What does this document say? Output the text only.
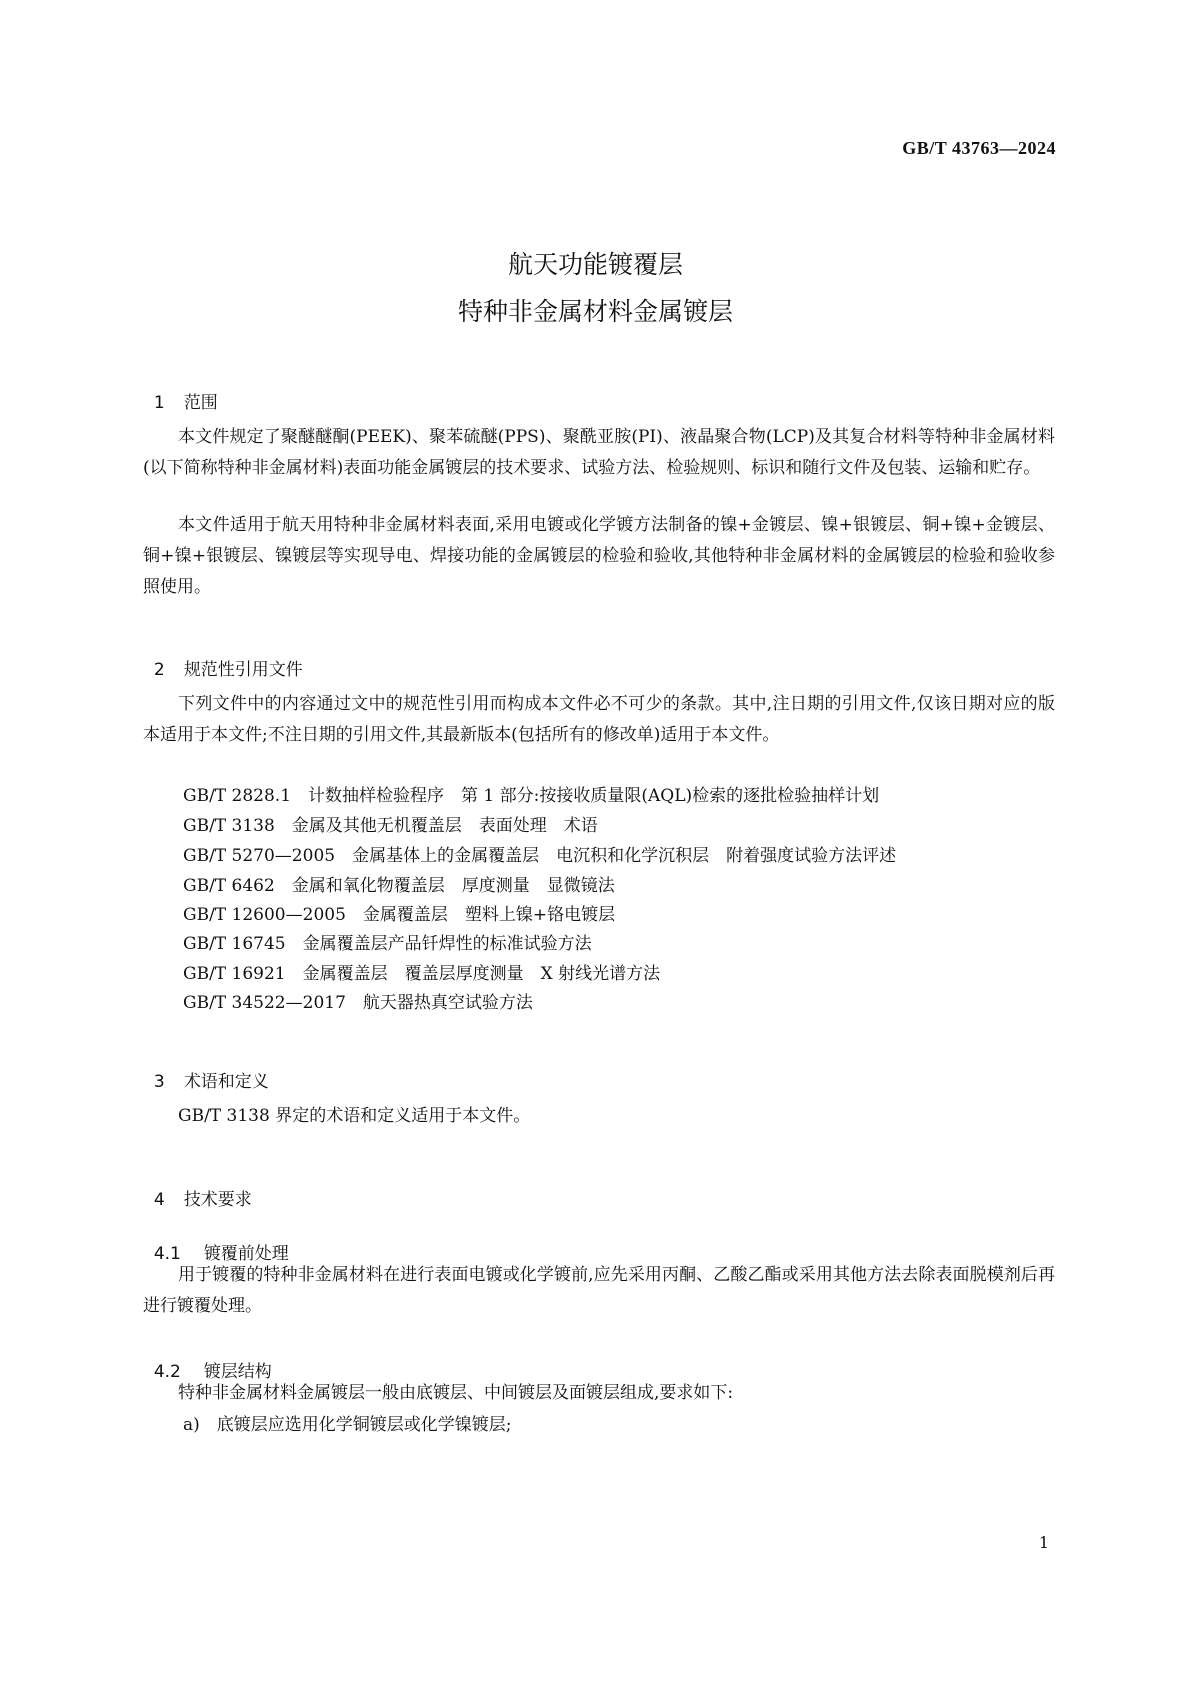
GB/T 43763—2024
航天功能镀覆层
特种非金属材料金属镀层

1 范围

本文件规定了聚醚醚酮(PEEK)、聚苯硫醚(PPS)、聚酰亚胺(PI)、液晶聚合物(LCP)及其复合材料等特种非金属材料(以下简称特种非金属材料)表面功能金属镀层的技术要求、试验方法、检验规则、标识和随行文件及包装、运输和贮存。

本文件适用于航天用特种非金属材料表面,采用电镀或化学镀方法制备的镍+金镀层、镍+银镀层、铜+镍+金镀层、铜+镍+银镀层、镍镀层等实现导电、焊接功能的金属镀层的检验和验收,其他特种非金属材料的金属镀层的检验和验收参照使用。

2 规范性引用文件

下列文件中的内容通过文中的规范性引用而构成本文件必不可少的条款。其中,注日期的引用文件,仅该日期对应的版本适用于本文件;不注日期的引用文件,其最新版本(包括所有的修改单)适用于本文件。

GB/T 2828.1　计数抽样检验程序　第 1 部分:按接收质量限(AQL)检索的逐批检验抽样计划
GB/T 3138　金属及其他无机覆盖层　表面处理　术语
GB/T 5270—2005　金属基体上的金属覆盖层　电沉积和化学沉积层　附着强度试验方法评述
GB/T 6462　金属和氧化物覆盖层　厚度测量　显微镜法
GB/T 12600—2005　金属覆盖层　塑料上镍+铬电镀层
GB/T 16745　金属覆盖层产品钎焊性的标准试验方法
GB/T 16921　金属覆盖层　覆盖层厚度测量　X 射线光谱方法
GB/T 34522—2017　航天器热真空试验方法

3 术语和定义

GB/T 3138 界定的术语和定义适用于本文件。

4 技术要求

4.1 镀覆前处理

用于镀覆的特种非金属材料在进行表面电镀或化学镀前,应先采用丙酮、乙酸乙酯或采用其他方法去除表面脱模剂后再进行镀覆处理。

4.2 镀层结构

特种非金属材料金属镀层一般由底镀层、中间镀层及面镀层组成,要求如下:

a)　底镀层应选用化学铜镀层或化学镍镀层;
1
